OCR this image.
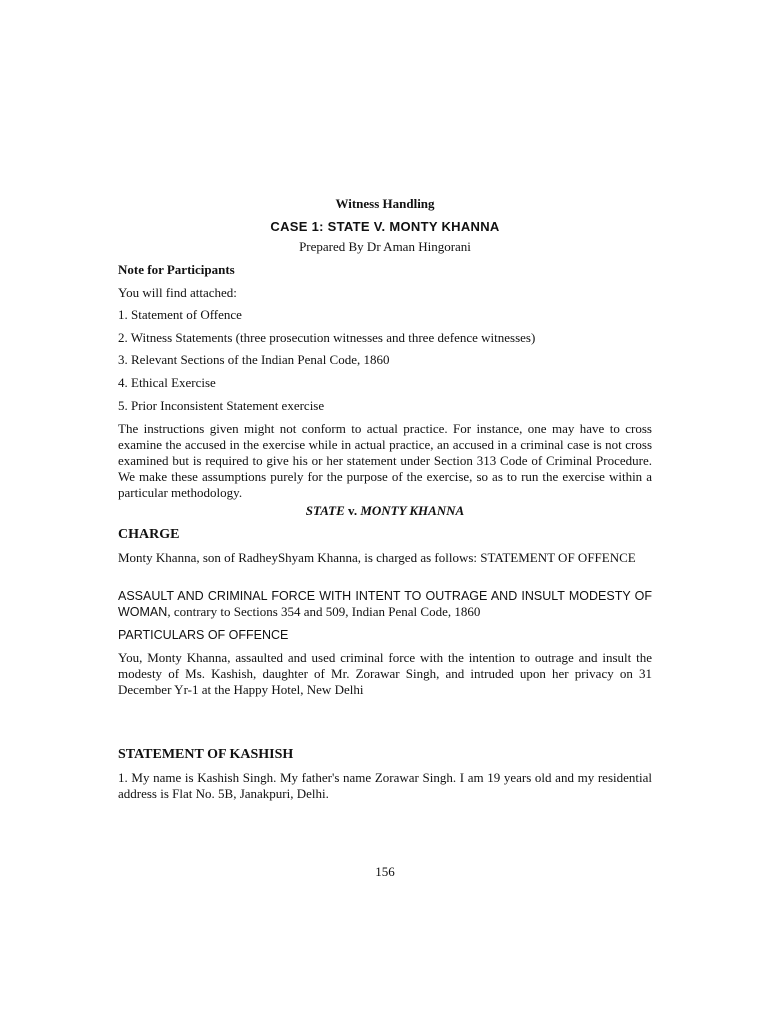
Witness Handling
CASE 1: STATE V. MONTY KHANNA
Prepared By Dr Aman Hingorani
Note for Participants
You will find attached:
1. Statement of Offence
2. Witness Statements (three prosecution witnesses and three defence witnesses)
3. Relevant Sections of the Indian Penal Code, 1860
4. Ethical Exercise
5. Prior Inconsistent Statement exercise
The instructions given might not conform to actual practice. For instance, one may have to cross examine the accused in the exercise while in actual practice, an accused in a criminal case is not cross examined but is required to give his or her statement under Section 313 Code of Criminal Procedure. We make these assumptions purely for the purpose of the exercise, so as to run the exercise within a particular methodology.
STATE v. MONTY KHANNA
CHARGE
Monty Khanna, son of RadheyShyam Khanna, is charged as follows: STATEMENT OF OFFENCE
ASSAULT AND CRIMINAL FORCE WITH INTENT TO OUTRAGE AND INSULT MODESTY OF WOMAN, contrary to Sections 354 and 509, Indian Penal Code, 1860
PARTICULARS OF OFFENCE
You, Monty Khanna, assaulted and used criminal force with the intention to outrage and insult the modesty of Ms. Kashish, daughter of Mr. Zorawar Singh, and intruded upon her privacy on 31 December Yr-1 at the Happy Hotel, New Delhi
STATEMENT OF KASHISH
1. My name is Kashish Singh. My father's name Zorawar Singh. I am 19 years old and my residential address is Flat No. 5B, Janakpuri, Delhi.
156
